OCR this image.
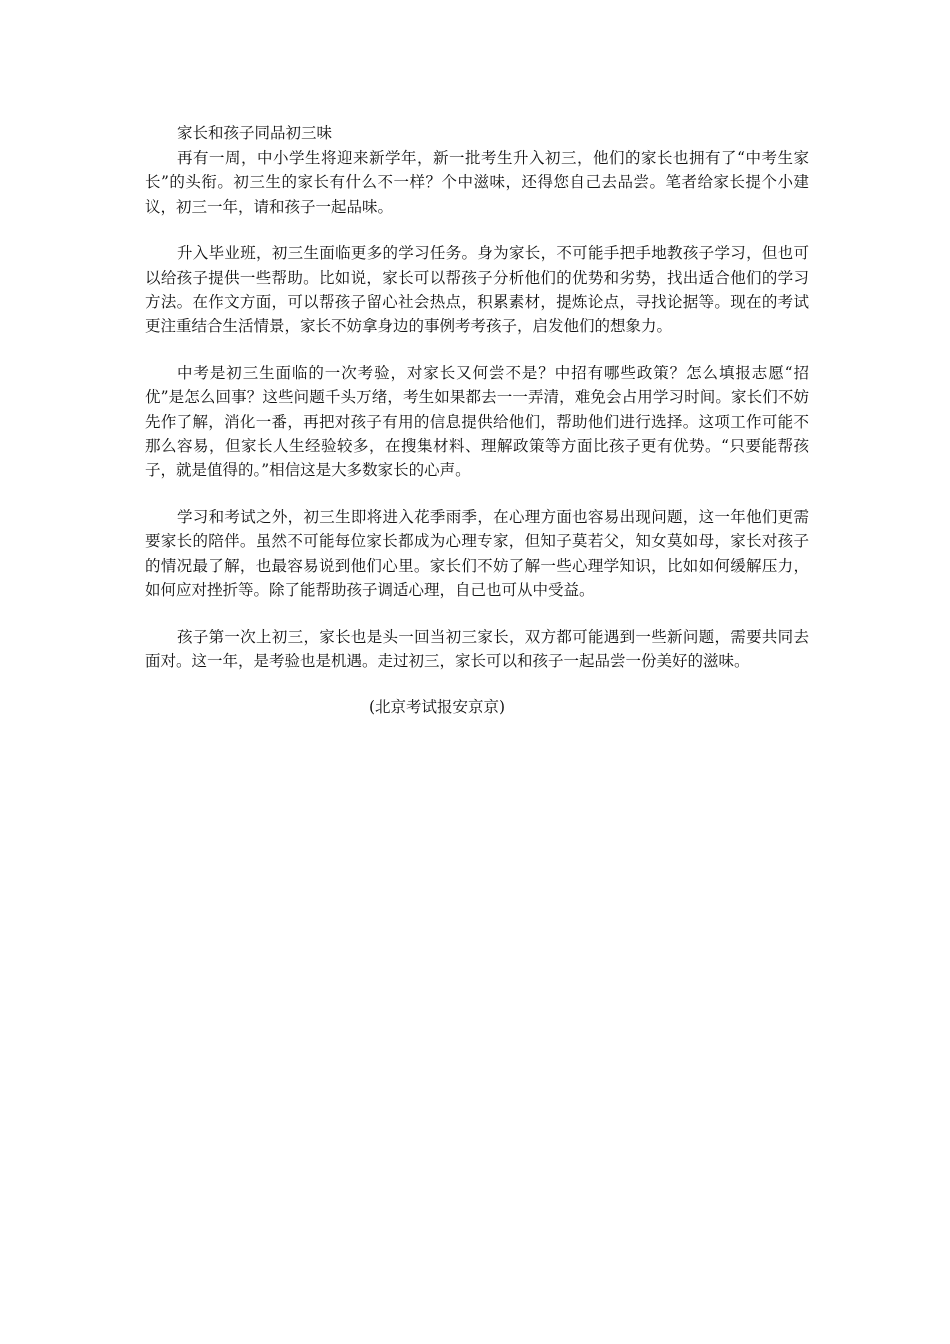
家长和孩子同品初三味

再有一周，中小学生将迎来新学年，新一批考生升入初三，他们的家长也拥有了“中考生家长”的头衔。初三生的家长有什么不一样？个中滋味，还得您自己去品尝。笔者给家长提个小建议，初三一年，请和孩子一起品味。

升入毕业班，初三生面临更多的学习任务。身为家长，不可能手把手地教孩子学习，但也可以给孩子提供一些帮助。比如说，家长可以帮孩子分析他们的优势和劣势，找出适合他们的学习方法。在作文方面，可以帮孩子留心社会热点，积累素材，提炼论点，寻找论据等。现在的考试更注重结合生活情景，家长不妨拿身边的事例考考孩子，启发他们的想象力。

中考是初三生面临的一次考验，对家长又何尝不是？中招有哪些政策？怎么填报志愿“招优”是怎么回事？这些问题千头万绪，考生如果都去一一弄清，难免会占用学习时间。家长们不妨先作了解，消化一番，再把对孩子有用的信息提供给他们，帮助他们进行选择。这项工作可能不那么容易，但家长人生经验较多，在搜集材料、理解政策等方面比孩子更有优势。“只要能帮孩子，就是值得的。”相信这是大多数家长的心声。

学习和考试之外，初三生即将进入花季雨季，在心理方面也容易出现问题，这一年他们更需要家长的陪伴。虽然不可能每位家长都成为心理专家，但知子莫若父，知女莫如母，家长对孩子的情况最了解，也最容易说到他们心里。家长们不妨了解一些心理学知识，比如如何缓解压力，如何应对挫折等。除了能帮助孩子调适心理，自己也可从中受益。

孩子第一次上初三，家长也是头一回当初三家长，双方都可能遇到一些新问题，需要共同去面对。这一年，是考验也是机遇。走过初三，家长可以和孩子一起品尝一份美好的滋味。

(北京考试报安京京)
